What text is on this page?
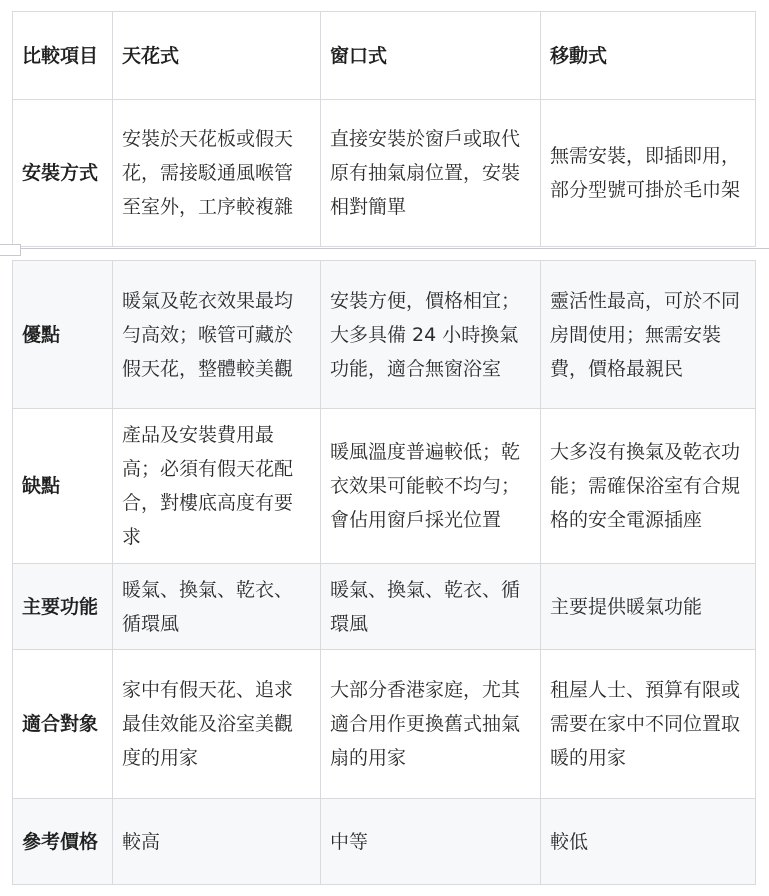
比較項目	天花式	窗口式	移動式
安裝方式	安裝於天花板或假天花，需接駁通風喉管至室外，工序較複雜	直接安裝於窗戶或取代原有抽氣扇位置，安裝相對簡單	無需安裝，即插即用，部分型號可掛於毛巾架
優點	暖氣及乾衣效果最均勻高效；喉管可藏於假天花，整體較美觀	安裝方便，價格相宜；大多具備 24 小時換氣功能，適合無窗浴室	靈活性最高，可於不同房間使用；無需安裝費，價格最親民
缺點	產品及安裝費用最高；必須有假天花配合，對樓底高度有要求	暖風溫度普遍較低；乾衣效果可能較不均勻；會佔用窗戶採光位置	大多沒有換氣及乾衣功能；需確保浴室有合規格的安全電源插座
主要功能	暖氣、換氣、乾衣、循環風	暖氣、換氣、乾衣、循環風	主要提供暖氣功能
適合對象	家中有假天花、追求最佳效能及浴室美觀度的用家	大部分香港家庭，尤其適合用作更換舊式抽氣扇的用家	租屋人士、預算有限或需要在家中不同位置取暖的用家
參考價格	較高	中等	較低
